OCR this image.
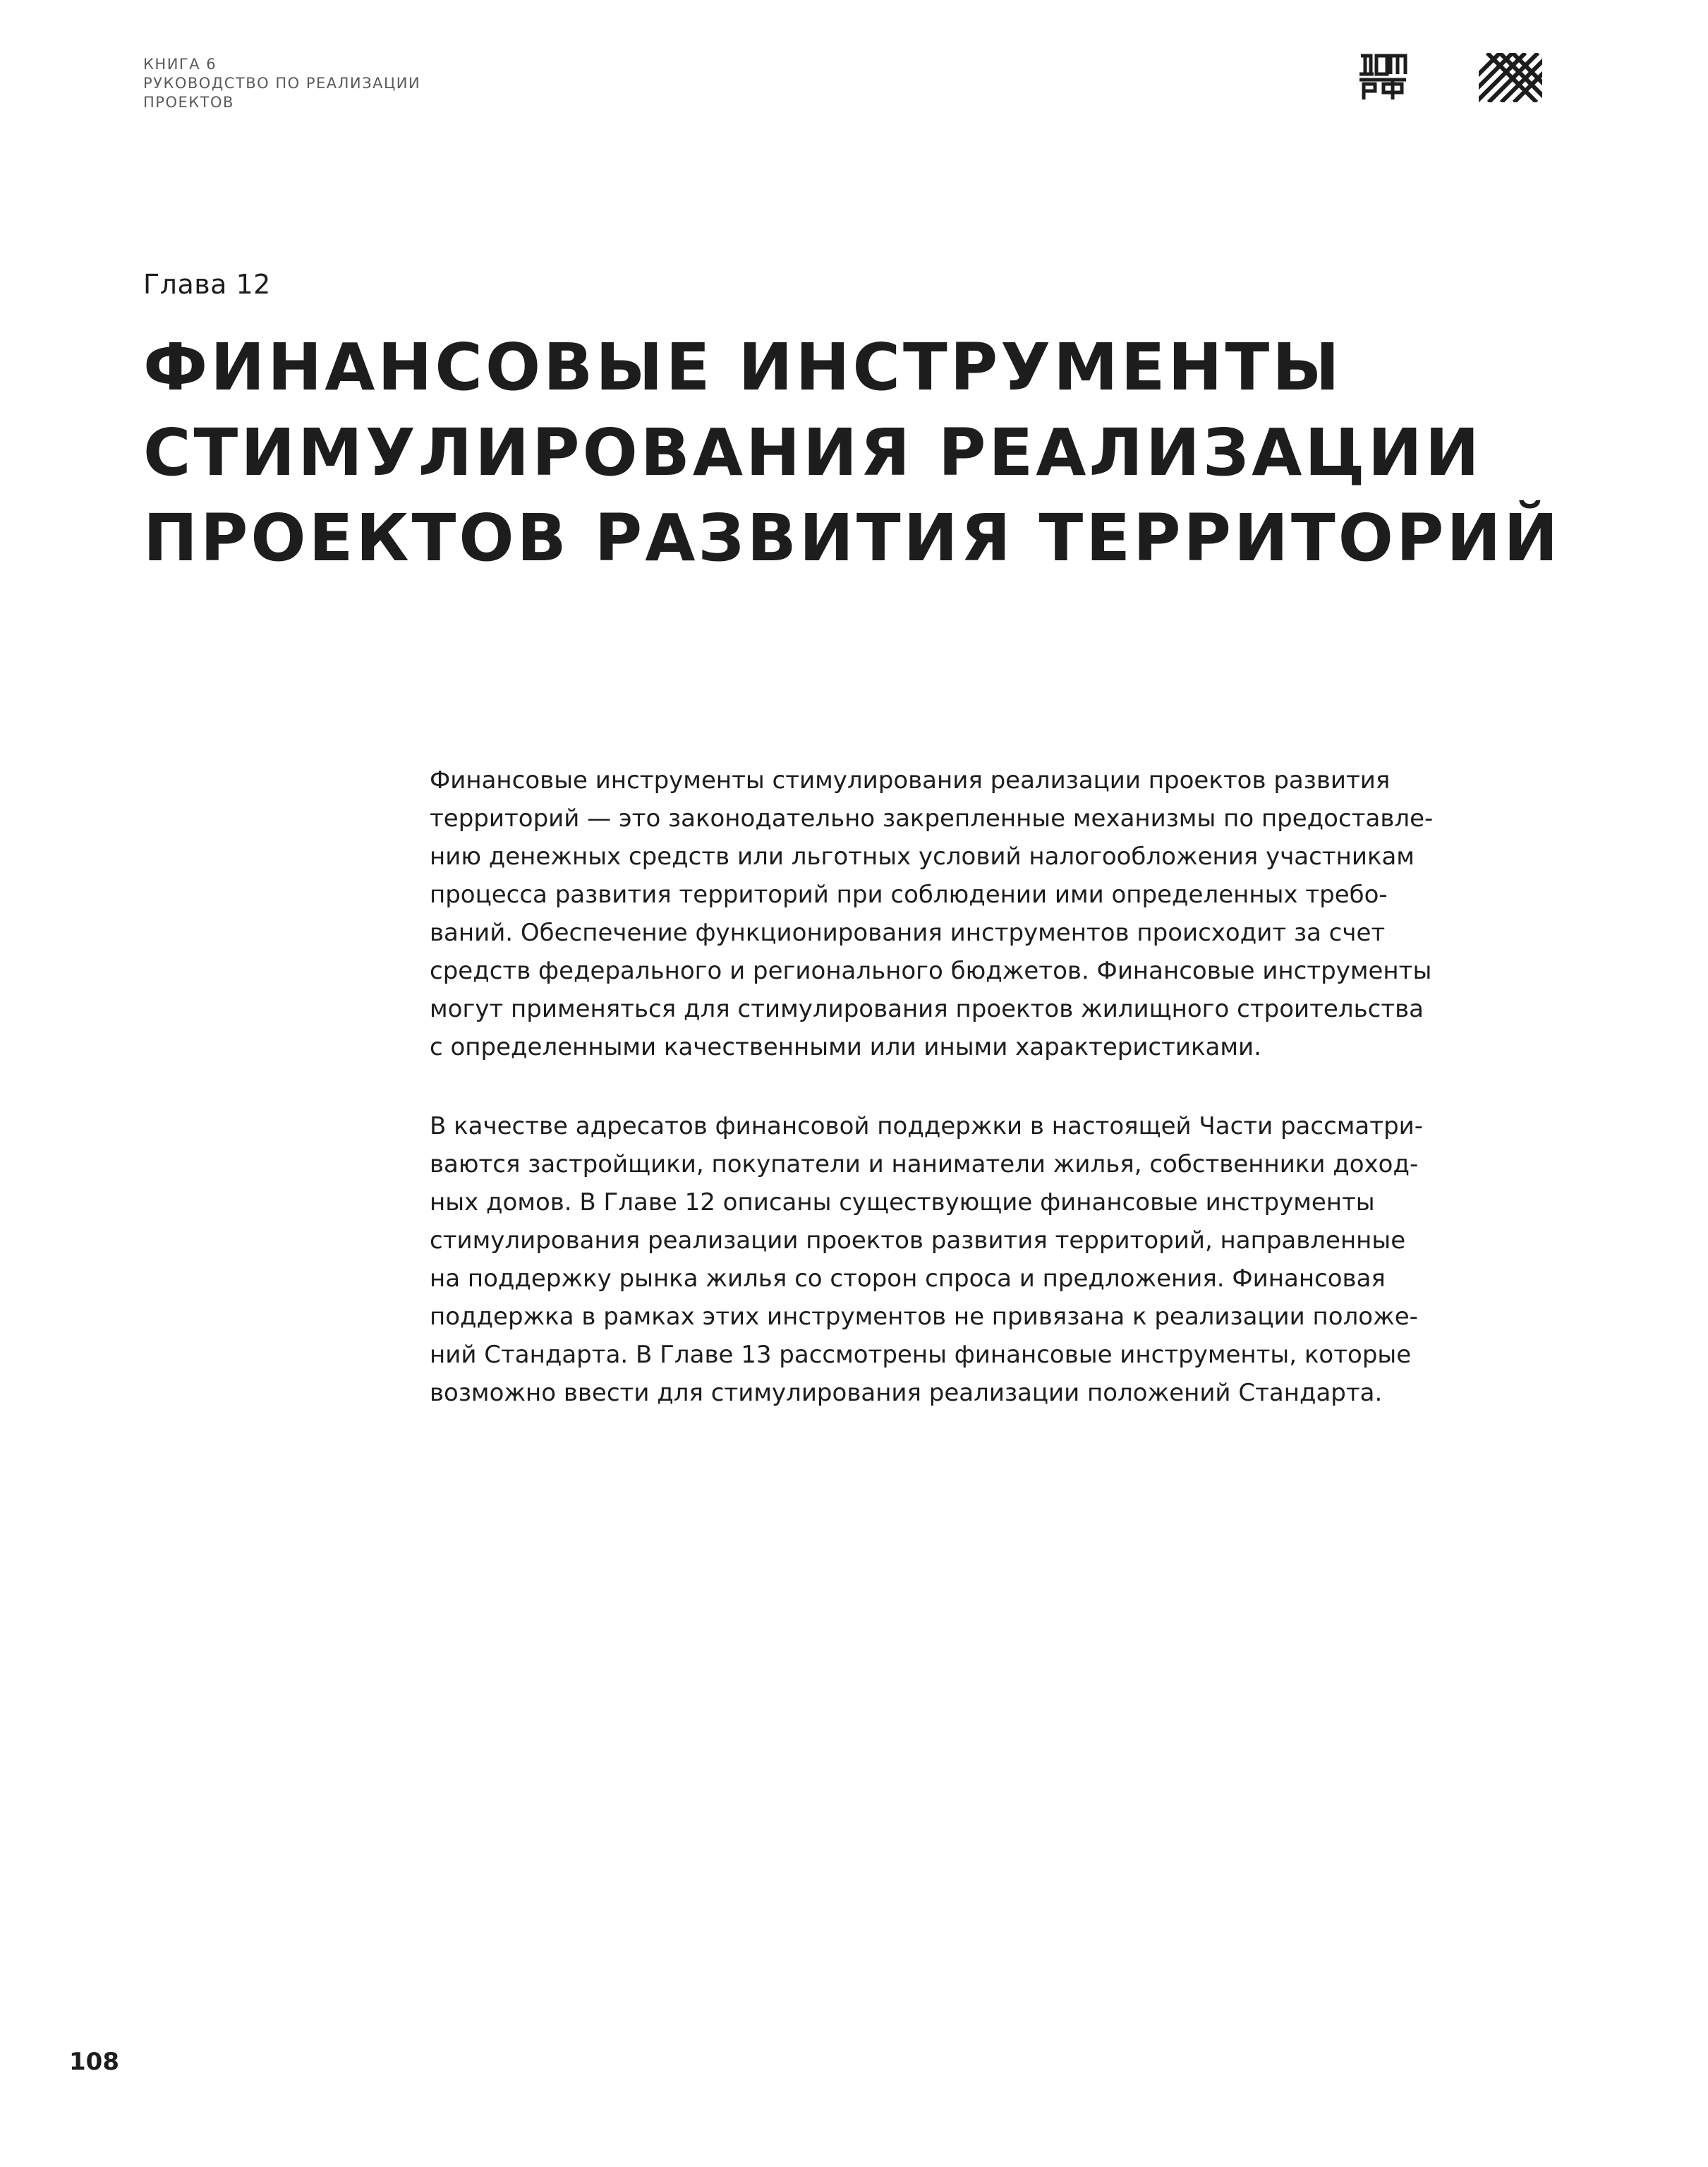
КНИГА 6
РУКОВОДСТВО ПО РЕАЛИЗАЦИИ
ПРОЕКТОВ
Глава 12
ФИНАНСОВЫЕ ИНСТРУМЕНТЫ
СТИМУЛИРОВАНИЯ РЕАЛИЗАЦИИ
ПРОЕКТОВ РАЗВИТИЯ ТЕРРИТОРИЙ

Финансовые инструменты стимулирования реализации проектов развития
территорий — это законодательно закрепленные механизмы по предоставле-
нию денежных средств или льготных условий налогообложения участникам
процесса развития территорий при соблюдении ими определенных требо-
ваний. Обеспечение функционирования инструментов происходит за счет
средств федерального и регионального бюджетов. Финансовые инструменты
могут применяться для стимулирования проектов жилищного строительства
с определенными качественными или иными характеристиками.

В качестве адресатов финансовой поддержки в настоящей Части рассматри-
ваются застройщики, покупатели и наниматели жилья, собственники доход-
ных домов. В Главе 12 описаны существующие финансовые инструменты
стимулирования реализации проектов развития территорий, направленные
на поддержку рынка жилья со сторон спроса и предложения. Финансовая
поддержка в рамках этих инструментов не привязана к реализации положе-
ний Стандарта. В Главе 13 рассмотрены финансовые инструменты, которые
возможно ввести для стимулирования реализации положений Стандарта.

108
